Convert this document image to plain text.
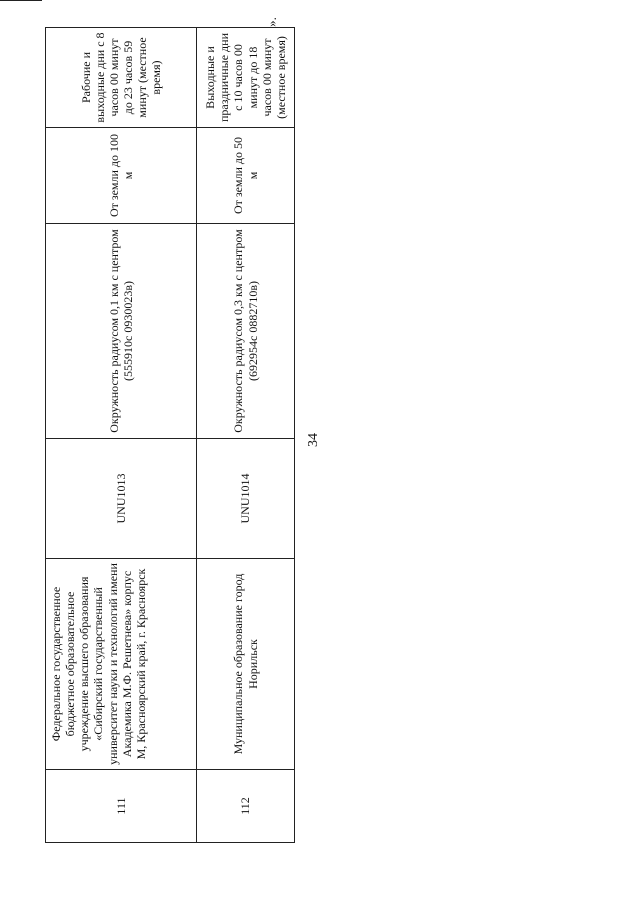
34
».
111	Федеральное государственное бюджетное образовательное учреждение высшего образования «Сибирский государственный университет науки и технологий имени Академика М.Ф. Решетнева» корпус М, Красноярский край, г. Красноярск	UNU1013	Окружность радиусом 0,1 км с центром (555910с 0930023в)	От земли до 100 м	Рабочие и выходные дни с 8 часов 00 минут до 23 часов 59 минут (местное время)
112	Муниципальное образование город Норильск	UNU1014	Окружность радиусом 0,3 км с центром (692954с 0882710в)	От земли до 50 м	Выходные и праздничные дни с 10 часов 00 минут до 18 часов 00 минут (местное время)
